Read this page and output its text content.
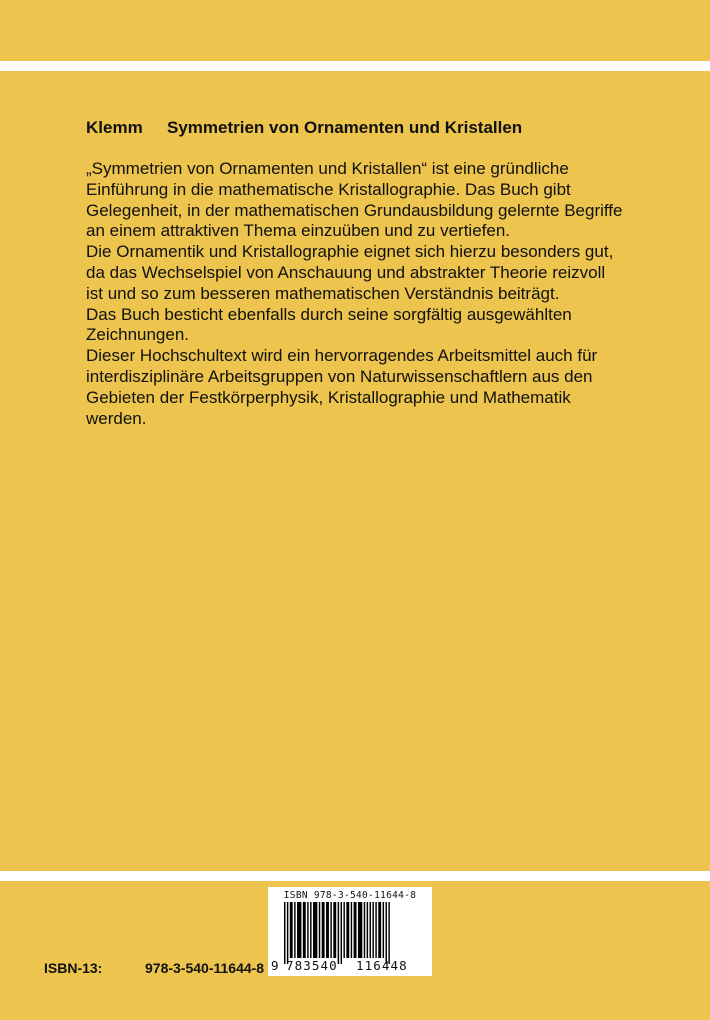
Klemm Symmetrien von Ornamenten und Kristallen

„Symmetrien von Ornamenten und Kristallen“ ist eine gründliche Einführung in die mathematische Kristallographie. Das Buch gibt Gelegenheit, in der mathematischen Grundausbildung gelernte Begriffe an einem attraktiven Thema einzuüben und zu vertiefen.

Die Ornamentik und Kristallographie eignet sich hierzu besonders gut, da das Wechselspiel von Anschauung und abstrakter Theorie reizvoll ist und so zum besseren mathematischen Verständnis beiträgt.

Das Buch besticht ebenfalls durch seine sorgfältig ausgewählten Zeichnungen.

Dieser Hochschultext wird ein hervorragendes Arbeitsmittel auch für interdisziplinäre Arbeitsgruppen von Naturwissenschaftlern aus den Gebieten der Festkörperphysik, Kristallographie und Mathematik werden.

ISBN-13:	978-3-540-11644-8
ISBN 978-3-540-11644-8
9 783540 116448
